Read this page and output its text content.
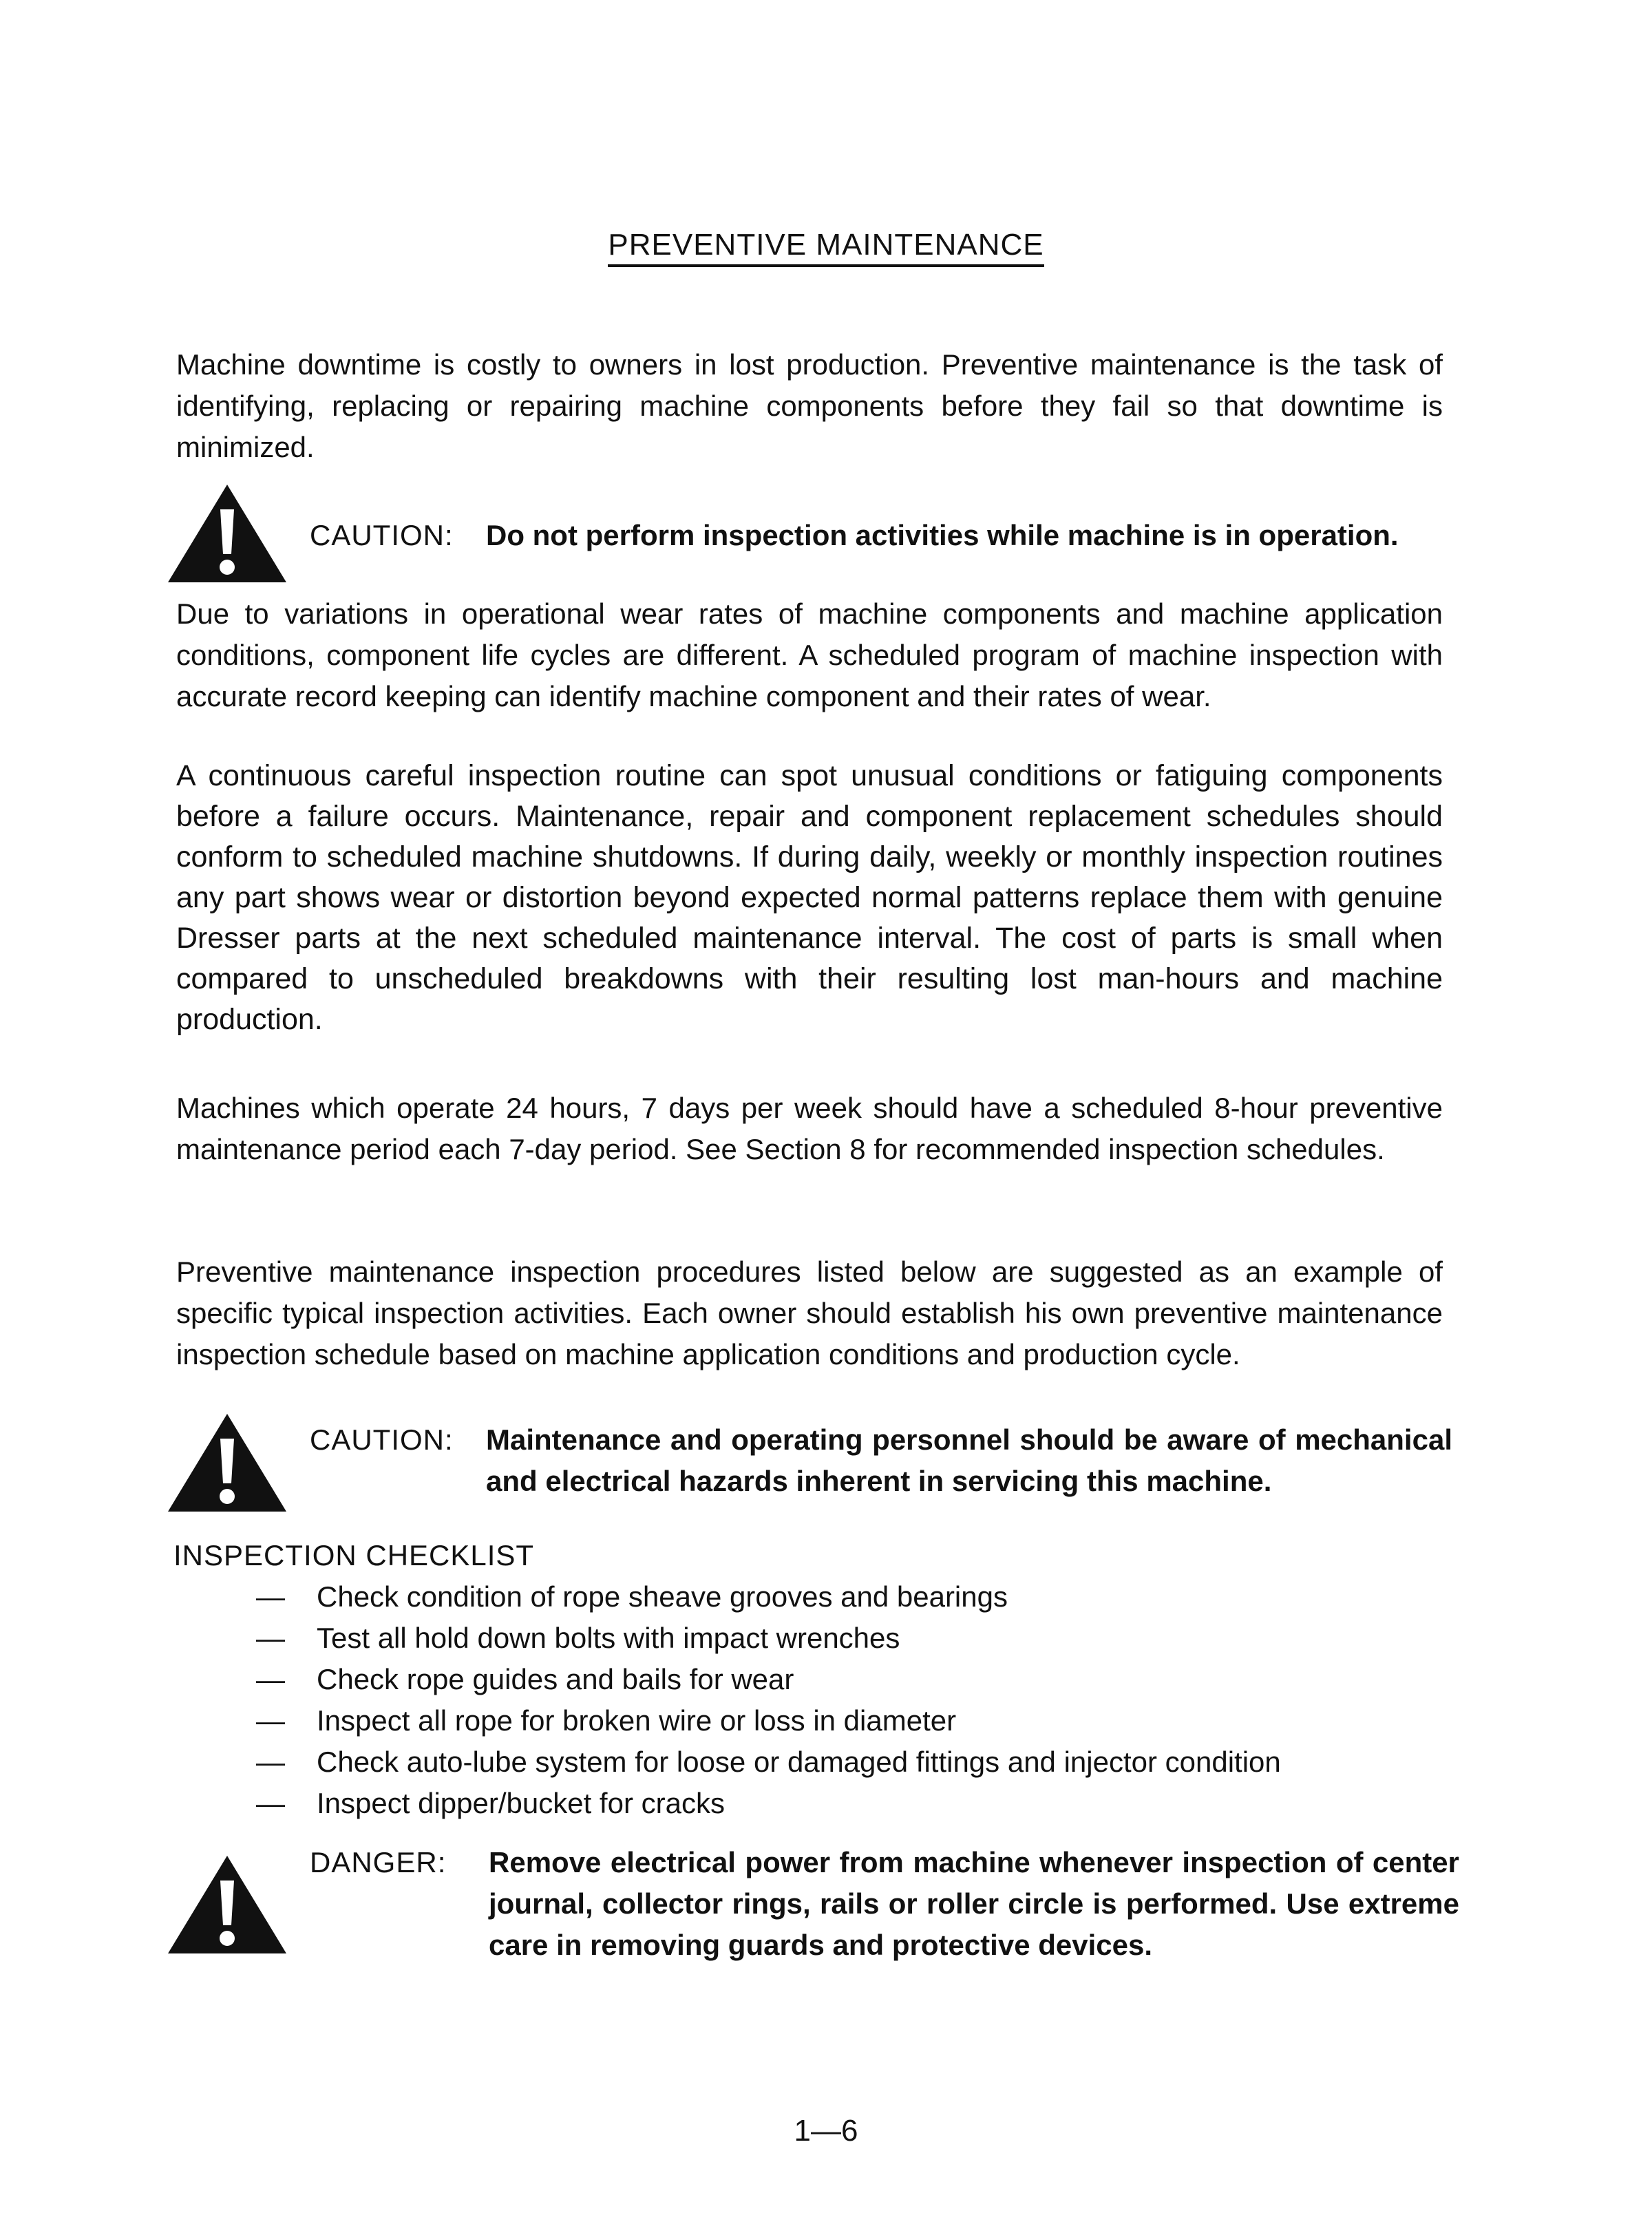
PREVENTIVE MAINTENANCE

Machine downtime is costly to owners in lost production. Preventive maintenance is the task of identifying, replacing or repairing machine components before they fail so that downtime is minimized.

CAUTION: Do not perform inspection activities while machine is in operation.

Due to variations in operational wear rates of machine components and machine application conditions, component life cycles are different. A scheduled program of machine inspection with accurate record keeping can identify machine component and their rates of wear.

A continuous careful inspection routine can spot unusual conditions or fatiguing components before a failure occurs. Maintenance, repair and component replacement schedules should conform to scheduled machine shutdowns. If during daily, weekly or monthly inspection routines any part shows wear or distortion beyond expected normal patterns replace them with genuine Dresser parts at the next scheduled maintenance interval. The cost of parts is small when compared to unscheduled breakdowns with their resulting lost man-hours and machine production.

Machines which operate 24 hours, 7 days per week should have a scheduled 8-hour preventive maintenance period each 7-day period. See Section 8 for recommended inspection schedules.

Preventive maintenance inspection procedures listed below are suggested as an example of specific typical inspection activities. Each owner should establish his own preventive maintenance inspection schedule based on machine application conditions and production cycle.

CAUTION: Maintenance and operating personnel should be aware of mechanical and electrical hazards inherent in servicing this machine.
INSPECTION CHECKLIST
— Check condition of rope sheave grooves and bearings
— Test all hold down bolts with impact wrenches
— Check rope guides and bails for wear
— Inspect all rope for broken wire or loss in diameter
— Check auto-lube system for loose or damaged fittings and injector condition
— Inspect dipper/bucket for cracks
DANGER: Remove electrical power from machine whenever inspection of center journal, collector rings, rails or roller circle is performed. Use extreme care in removing guards and protective devices.
1—6
